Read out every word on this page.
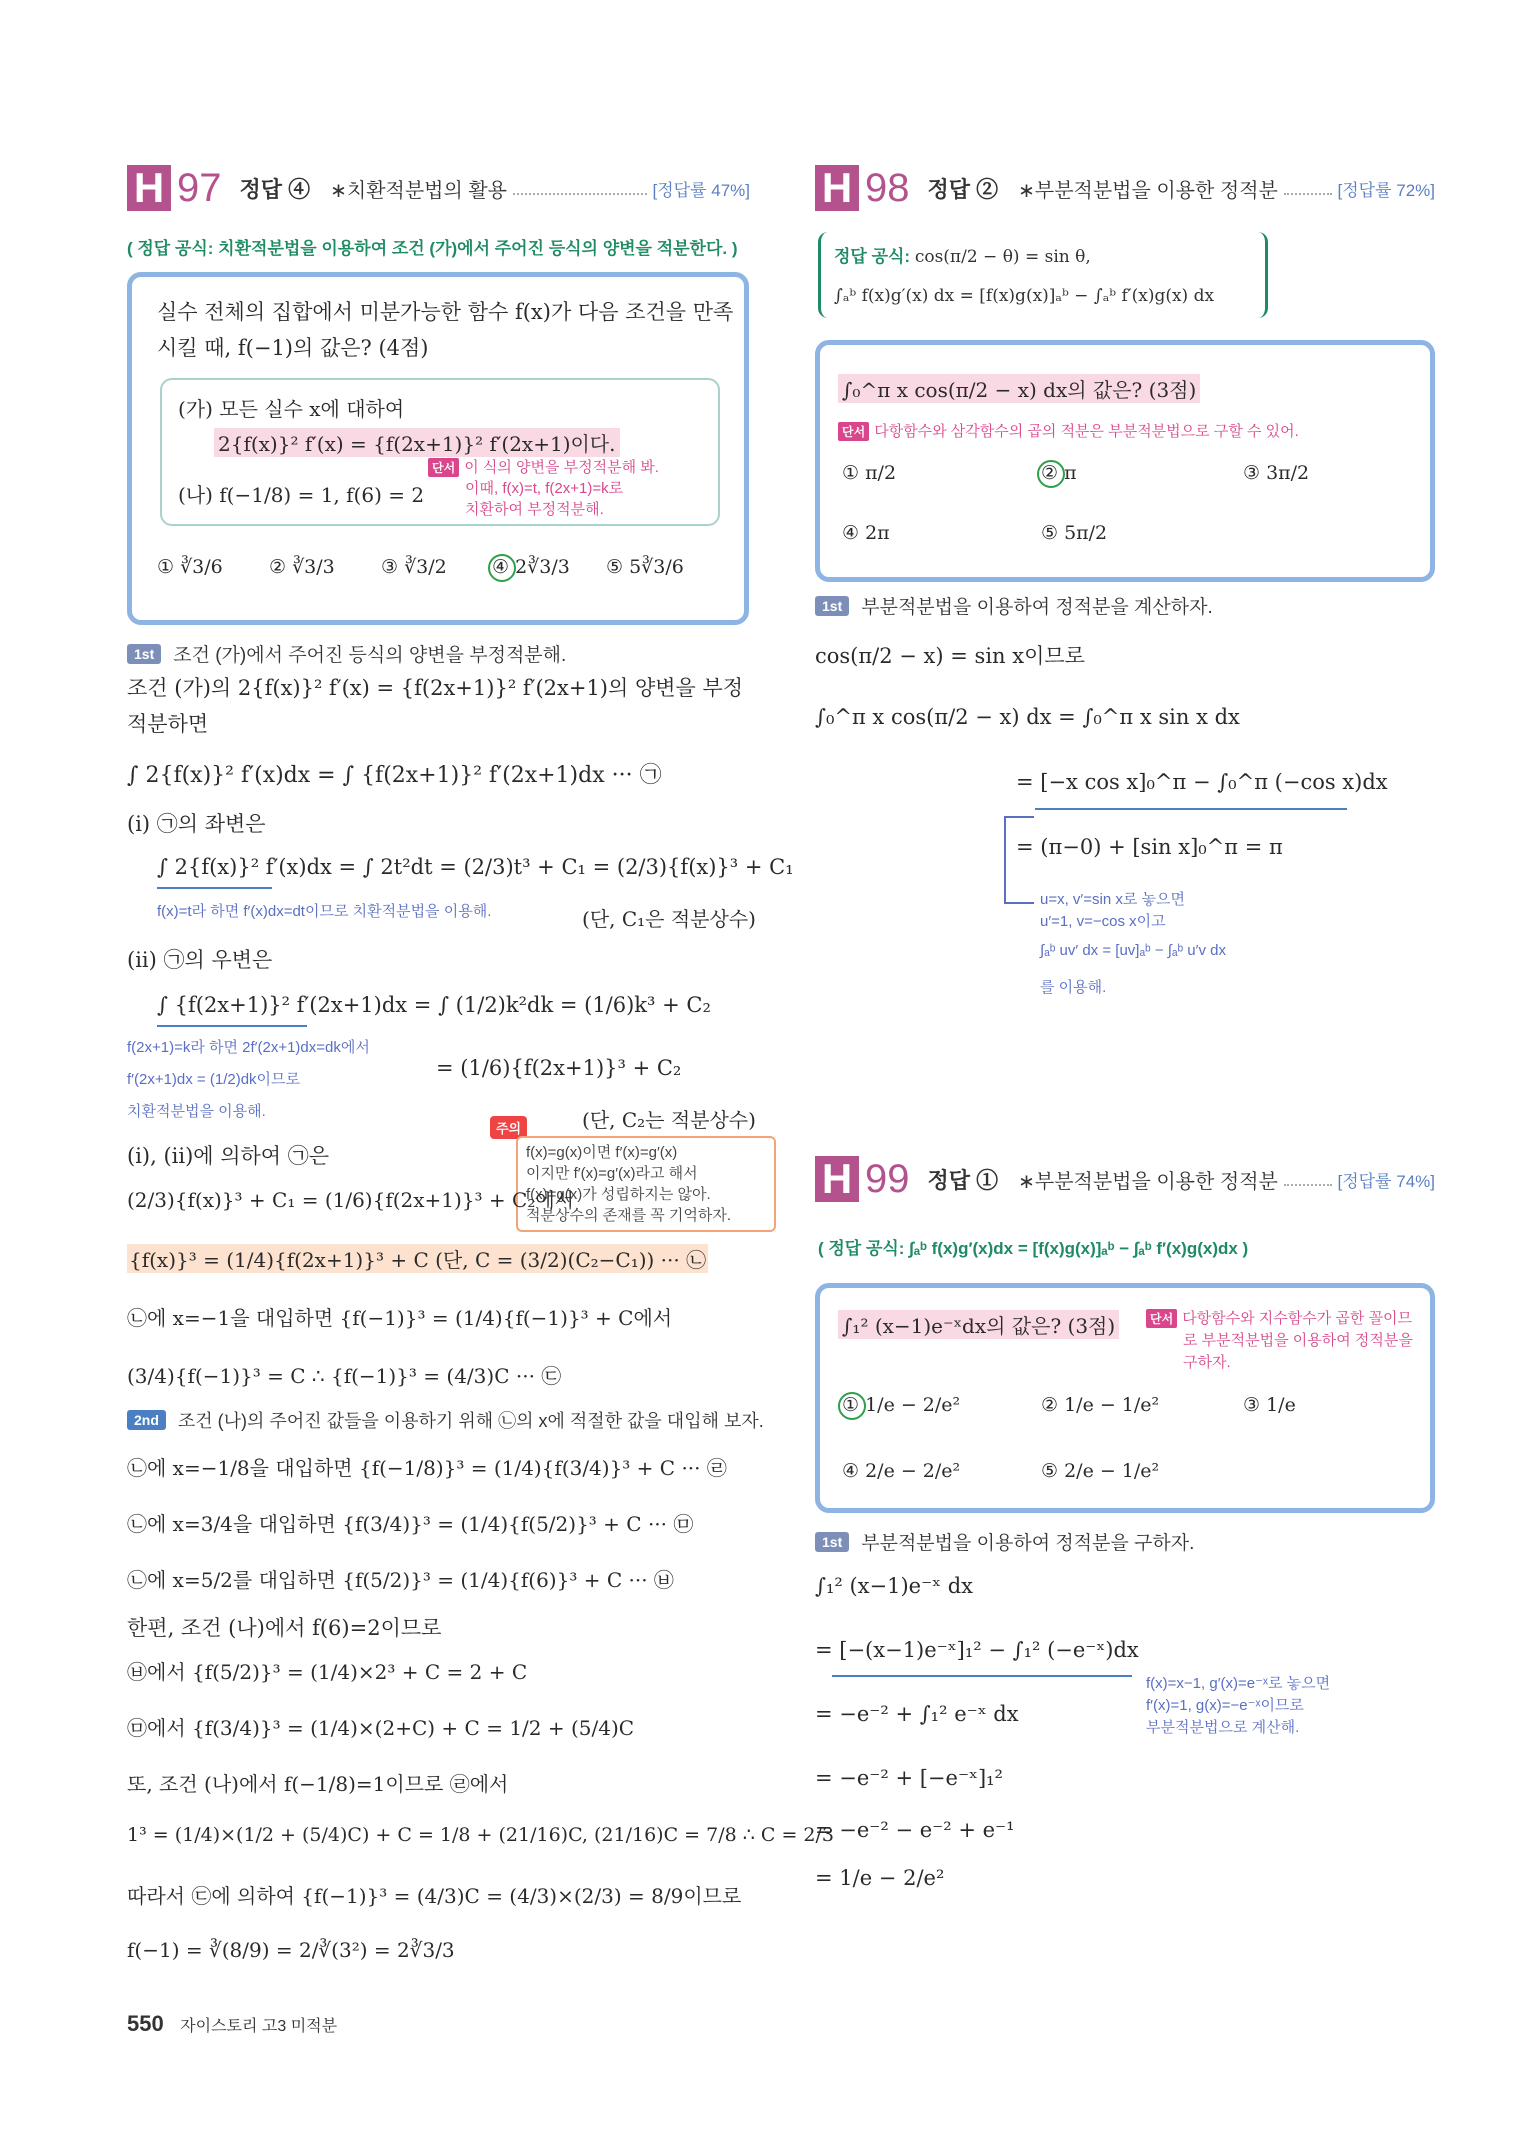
H 97 정답 ④ ∗치환적분법의 활용	[정답률 47%]
( 정답 공식: 치환적분법을 이용하여 조건 (가)에서 주어진 등식의 양변을 적분한다. )
실수 전체의 집합에서 미분가능한 함수 f(x)가 다음 조건을 만족
시킬 때, f(−1)의 값은? (4점)
(가) 모든 실수 x에 대하여
2{f(x)}² f′(x) = {f(2x+1)}² f′(2x+1)이다.
(나) f(−1/8) = 1, f(6) = 2
단서 이 식의 양변을 부정적분해 봐.
이때, f(x)=t, f(2x+1)=k로
치환하여 부정적분해.
① ∛3/6 ② ∛3/3 ③ ∛3/2 ④ 2∛3/3 ⑤ 5∛3/6
1st	조건 (가)에서 주어진 등식의 양변을 부정적분해.
조건 (가)의 2{f(x)}² f′(x) = {f(2x+1)}² f′(2x+1)의 양변을 부정
적분하면
∫ 2{f(x)}² f′(x)dx = ∫ {f(2x+1)}² f′(2x+1)dx ··· ㉠
(i) ㉠의 좌변은
∫ 2{f(x)}² f′(x)dx = ∫ 2t²dt = (2/3)t³ + C₁ = (2/3){f(x)}³ + C₁
f(x)=t라 하면 f′(x)dx=dt이므로 치환적분법을 이용해.	(단, C₁은 적분상수)
(ii) ㉠의 우변은
∫ {f(2x+1)}² f′(2x+1)dx = ∫ (1/2)k²dk = (1/6)k³ + C₂
f(2x+1)=k라 하면 2f′(2x+1)dx=dk에서
f′(2x+1)dx = (1/2)dk이므로
치환적분법을 이용해.
= (1/6){f(2x+1)}³ + C₂
(단, C₂는 적분상수)
(i), (ii)에 의하여 ㉠은
주의
f(x)=g(x)이면 f′(x)=g′(x)
이지만 f′(x)=g′(x)라고 해서
f(x)=g(x)가 성립하지는 않아.
적분상수의 존재를 꼭 기억하자.
(2/3){f(x)}³ + C₁ = (1/6){f(2x+1)}³ + C₂에서
{f(x)}³ = (1/4){f(2x+1)}³ + C (단, C = (3/2)(C₂−C₁)) ··· ㉡
㉡에 x=−1을 대입하면 {f(−1)}³ = (1/4){f(−1)}³ + C에서
(3/4){f(−1)}³ = C ∴ {f(−1)}³ = (4/3)C ··· ㉢
2nd	조건 (나)의 주어진 값들을 이용하기 위해 ㉡의 x에 적절한 값을 대입해 보자.
㉡에 x=−1/8을 대입하면 {f(−1/8)}³ = (1/4){f(3/4)}³ + C ··· ㉣
㉡에 x=3/4을 대입하면 {f(3/4)}³ = (1/4){f(5/2)}³ + C ··· ㉤
㉡에 x=5/2를 대입하면 {f(5/2)}³ = (1/4){f(6)}³ + C ··· ㉥
한편, 조건 (나)에서 f(6)=2이므로
㉥에서 {f(5/2)}³ = (1/4)×2³ + C = 2 + C
㉤에서 {f(3/4)}³ = (1/4)×(2+C) + C = 1/2 + (5/4)C
또, 조건 (나)에서 f(−1/8)=1이므로 ㉣에서
1³ = (1/4)×(1/2 + (5/4)C) + C = 1/8 + (21/16)C, (21/16)C = 7/8 ∴ C = 2/3
따라서 ㉢에 의하여 {f(−1)}³ = (4/3)C = (4/3)×(2/3) = 8/9이므로
f(−1) = ∛(8/9) = 2/∛(3²) = 2∛3/3
H 98 정답 ② ∗부분적분법을 이용한 정적분	[정답률 72%]
정답 공식: cos(π/2 − θ) = sin θ,
∫ₐᵇ f(x)g′(x) dx = [f(x)g(x)]ₐᵇ − ∫ₐᵇ f′(x)g(x) dx
∫₀^π x cos(π/2 − x) dx의 값은? (3점)
단서 다항함수와 삼각함수의 곱의 적분은 부분적분법으로 구할 수 있어.
① π/2	② π	③ 3π/2
④ 2π	⑤ 5π/2
1st	부분적분법을 이용하여 정적분을 계산하자.
cos(π/2 − x) = sin x이므로
∫₀^π x cos(π/2 − x) dx = ∫₀^π x sin x dx
= [−x cos x]₀^π − ∫₀^π (−cos x)dx
= (π−0) + [sin x]₀^π = π
u=x, v′=sin x로 놓으면
u′=1, v=−cos x이고
∫ₐᵇ uv′ dx = [uv]ₐᵇ − ∫ₐᵇ u′v dx
를 이용해.
H 99 정답 ① ∗부분적분법을 이용한 정적분	[정답률 74%]
( 정답 공식: ∫ₐᵇ f(x)g′(x)dx = [f(x)g(x)]ₐᵇ − ∫ₐᵇ f′(x)g(x)dx )
∫₁² (x−1)e⁻ˣdx의 값은? (3점)	단서 다항함수와 지수함수가 곱한 꼴이므
로 부분적분법을 이용하여 정적분을
구하자.
① 1/e − 2/e²	② 1/e − 1/e²	③ 1/e
④ 2/e − 2/e²	⑤ 2/e − 1/e²
1st	부분적분법을 이용하여 정적분을 구하자.
∫₁² (x−1)e⁻ˣ dx
= [−(x−1)e⁻ˣ]₁² − ∫₁² (−e⁻ˣ)dx
= −e⁻² + ∫₁² e⁻ˣ dx
= −e⁻² + [−e⁻ˣ]₁²
= −e⁻² − e⁻² + e⁻¹
= 1/e − 2/e²
f(x)=x−1, g′(x)=e⁻ˣ로 놓으면
f′(x)=1, g(x)=−e⁻ˣ이므로
부분적분법으로 계산해.
550 자이스토리 고3 미적분
